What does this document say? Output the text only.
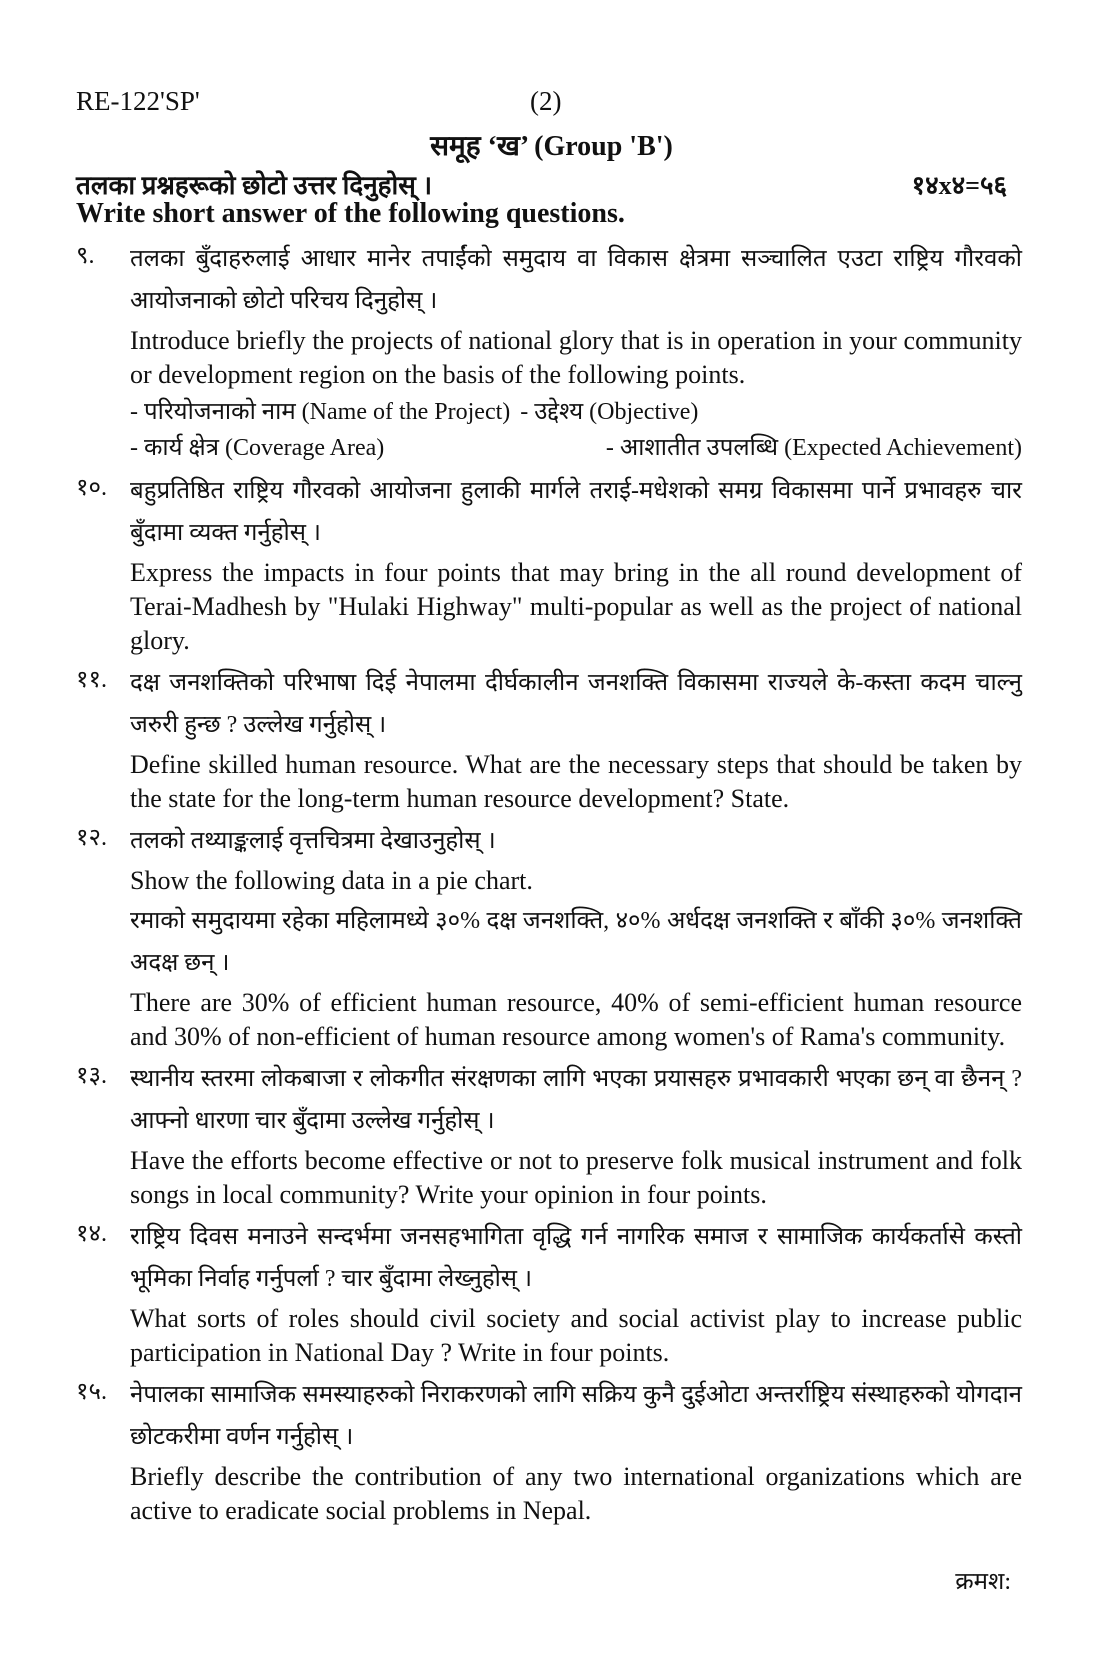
RE-122'SP'	(2)
समूह ‘ख’ (Group 'B')
तलका प्रश्नहरूको छोटो उत्तर दिनुहोस् ।	१४x४=५६
Write short answer of the following questions.
९.	तलका बुँदाहरुलाई आधार मानेर तपाईंको समुदाय वा विकास क्षेत्रमा सञ्चालित एउटा राष्ट्रिय गौरवको आयोजनाको छोटो परिचय दिनुहोस् ।
Introduce briefly the projects of national glory that is in operation in your community or development region on the basis of the following points.
- परियोजनाको नाम (Name of the Project) - उद्देश्य (Objective)
- कार्य क्षेत्र (Coverage Area)	- आशातीत उपलब्धि (Expected Achievement)
१०. बहुप्रतिष्ठित राष्ट्रिय गौरवको आयोजना हुलाकी मार्गले तराई-मधेशको समग्र विकासमा पार्ने प्रभावहरु चार बुँदामा व्यक्त गर्नुहोस् ।
Express the impacts in four points that may bring in the all round development of Terai-Madhesh by "Hulaki Highway" multi-popular as well as the project of national glory.
११. दक्ष जनशक्तिको परिभाषा दिई नेपालमा दीर्घकालीन जनशक्ति विकासमा राज्यले के-कस्ता कदम चाल्नु जरुरी हुन्छ ? उल्लेख गर्नुहोस् ।
Define skilled human resource. What are the necessary steps that should be taken by the state for the long-term human resource development? State.
१२. तलको तथ्याङ्कलाई वृत्तचित्रमा देखाउनुहोस् ।
Show the following data in a pie chart.
रमाको समुदायमा रहेका महिलामध्ये ३०% दक्ष जनशक्ति, ४०% अर्धदक्ष जनशक्ति र बाँकी ३०% जनशक्ति अदक्ष छन् ।
There are 30% of efficient human resource, 40% of semi-efficient human resource and 30% of non-efficient of human resource among women's of Rama's community.
१३. स्थानीय स्तरमा लोकबाजा र लोकगीत संरक्षणका लागि भएका प्रयासहरु प्रभावकारी भएका छन् वा छैनन् ? आफ्नो धारणा चार बुँदामा उल्लेख गर्नुहोस् ।
Have the efforts become effective or not to preserve folk musical instrument and folk songs in local community? Write your opinion in four points.
१४. राष्ट्रिय दिवस मनाउने सन्दर्भमा जनसहभागिता वृद्धि गर्न नागरिक समाज र सामाजिक कार्यकर्तासे कस्तो भूमिका निर्वाह गर्नुपर्ला ? चार बुँदामा लेख्नुहोस् ।
What sorts of roles should civil society and social activist play to increase public participation in National Day ? Write in four points.
१५. नेपालका सामाजिक समस्याहरुको निराकरणको लागि सक्रिय कुनै दुईओटा अन्तर्राष्ट्रिय संस्थाहरुको योगदान छोटकरीमा वर्णन गर्नुहोस् ।
Briefly describe the contribution of any two international organizations which are active to eradicate social problems in Nepal.
क्रमश:
